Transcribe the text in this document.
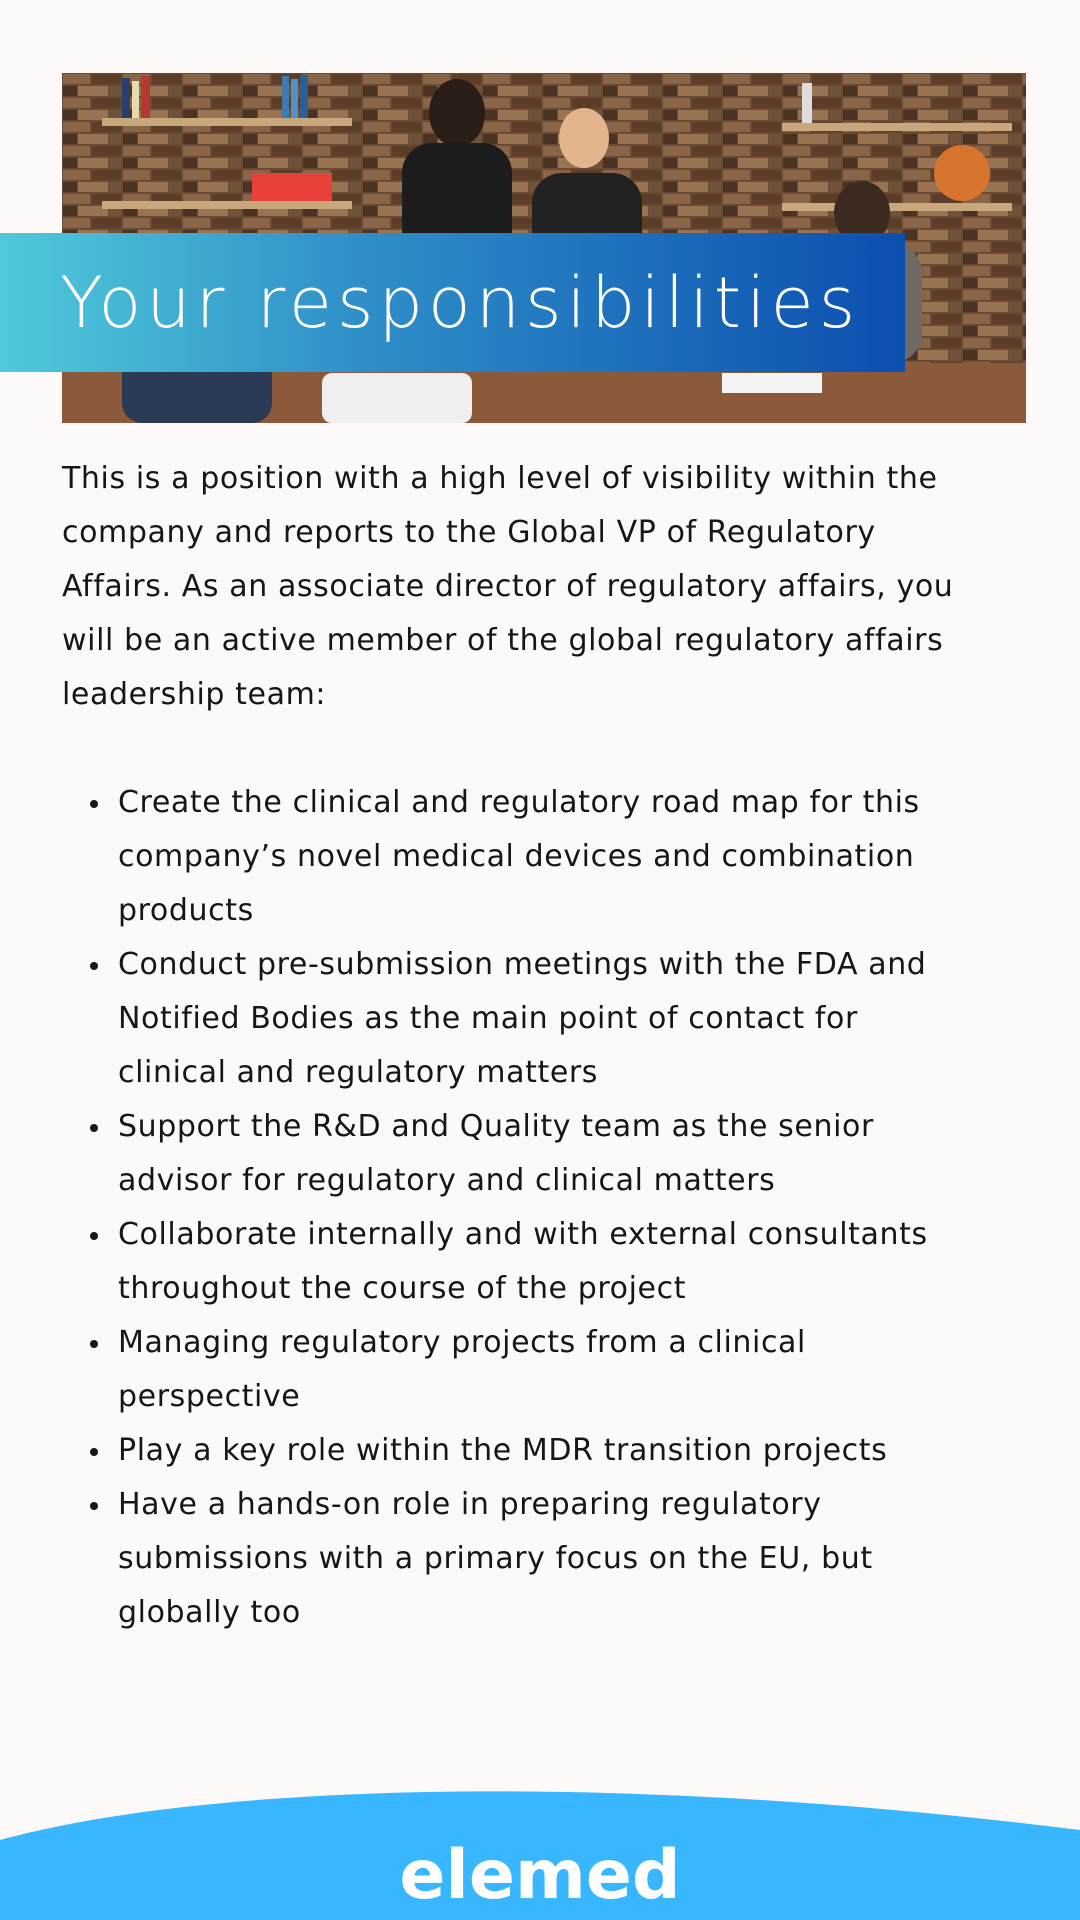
Your responsibilities

This is a position with a high level of visibility within the company and reports to the Global VP of Regulatory Affairs. As an associate director of regulatory affairs, you will be an active member of the global regulatory affairs leadership team:

Create the clinical and regulatory road map for this company’s novel medical devices and combination products
Conduct pre-submission meetings with the FDA and Notified Bodies as the main point of contact for clinical and regulatory matters
Support the R&D and Quality team as the senior advisor for regulatory and clinical matters
Collaborate internally and with external consultants throughout the course of the project
Managing regulatory projects from a clinical perspective
Play a key role within the MDR transition projects
Have a hands-on role in preparing regulatory submissions with a primary focus on the EU, but globally too
elemed
